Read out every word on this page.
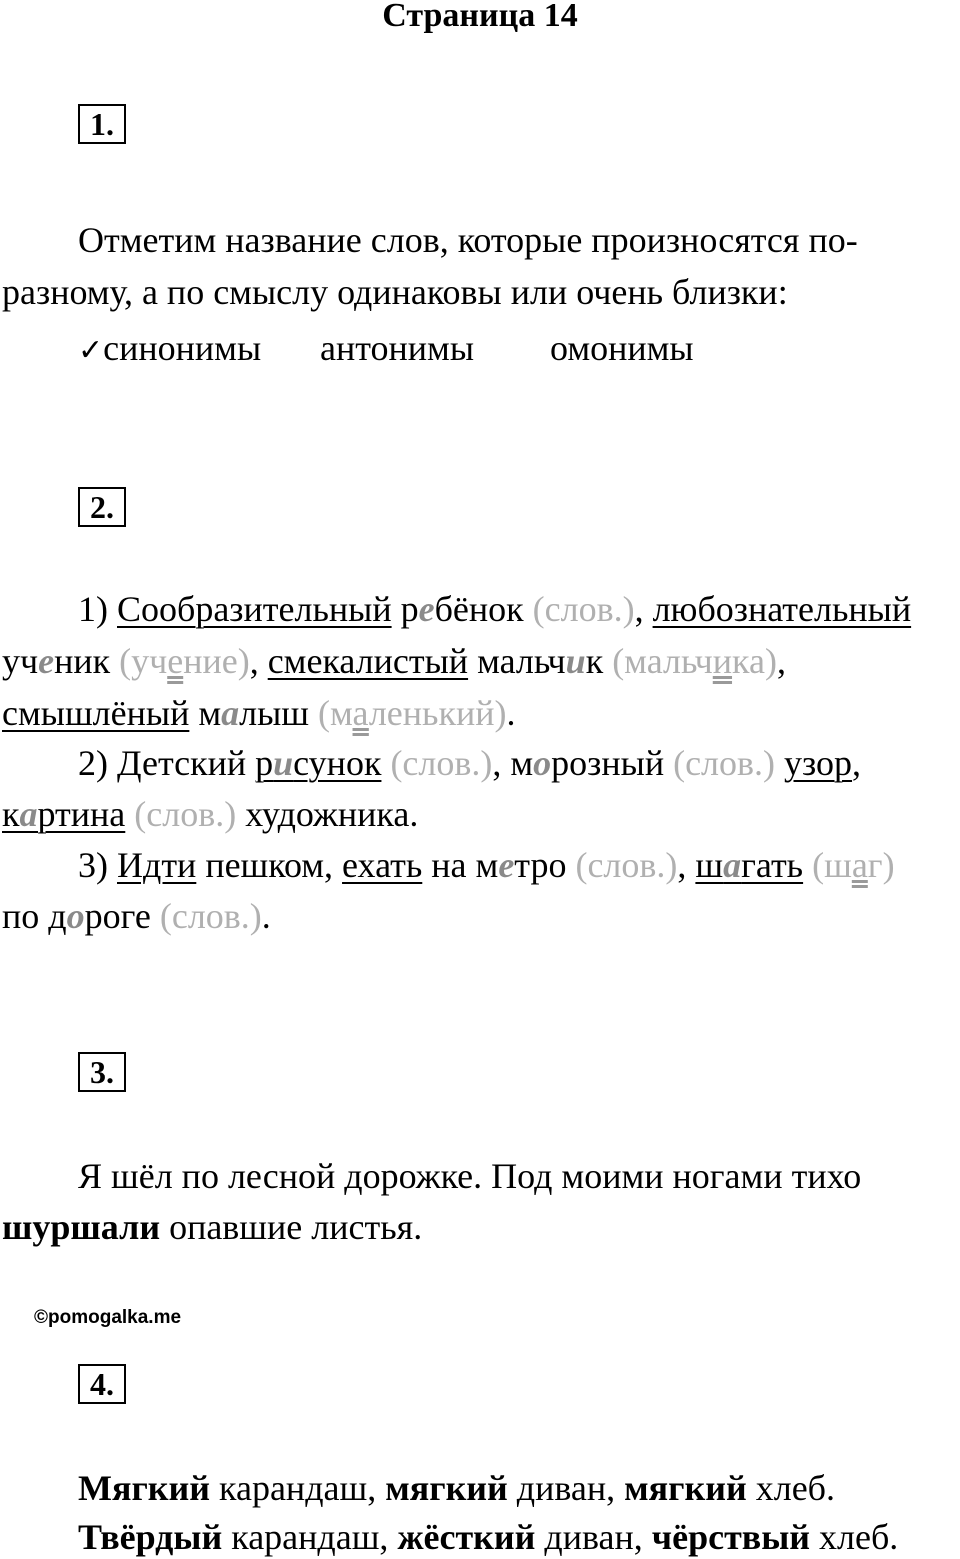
Страница 14
1.
Отметим название слов, которые произносятся по-
разному, а по смыслу одинаковы или очень близки:
✓синонимы антонимы омонимы
2.
1) Сообразительный ребёнок (слов.), любознательный
ученик (учение), смекалистый мальчик (мальчика),
смышлёный малыш (маленький).
2) Детский рисунок (слов.), морозный (слов.) узор,
картина (слов.) художника.
3) Идти пешком, ехать на метро (слов.), шагать (шаг)
по дороге (слов.).
3.
Я шёл по лесной дорожке. Под моими ногами тихо
шуршали опавшие листья.
©pomogalka.me
4.
Мягкий карандаш, мягкий диван, мягкий хлеб.
Твёрдый карандаш, жёсткий диван, чёрствый хлеб.
